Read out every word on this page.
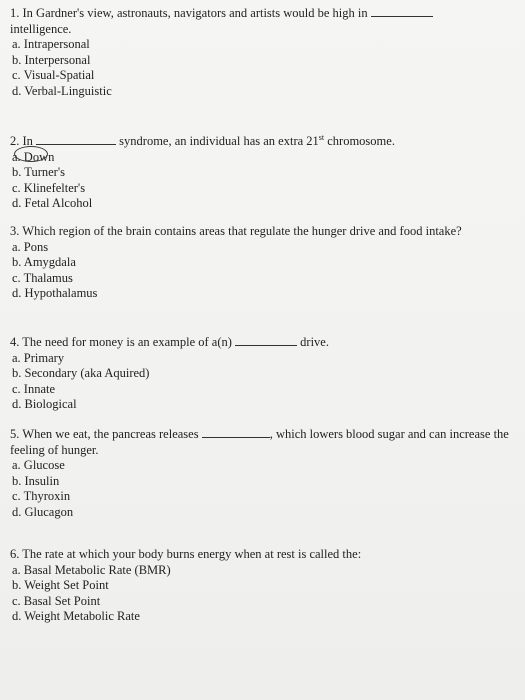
1. In Gardner's view, astronauts, navigators and artists would be high in
intelligence.

a. Intrapersonal

b. Interpersonal

c. Visual-Spatial

d. Verbal-Linguistic

2. In	syndrome, an individual has an extra 21st chromosome.

a. Down

b. Turner's

c. Klinefelter's

d. Fetal Alcohol

3. Which region of the brain contains areas that regulate the hunger drive and food intake?

a. Pons

b. Amygdala

c. Thalamus

d. Hypothalamus

4. The need for money is an example of a(n)	drive.

a. Primary

b. Secondary (aka Aquired)

c. Innate

d. Biological

5. When we eat, the pancreas releases	, which lowers blood sugar and can increase the feeling of hunger.

a. Glucose

b. Insulin

c. Thyroxin

d. Glucagon

6. The rate at which your body burns energy when at rest is called the:

a. Basal Metabolic Rate (BMR)

b. Weight Set Point

c. Basal Set Point

d. Weight Metabolic Rate
